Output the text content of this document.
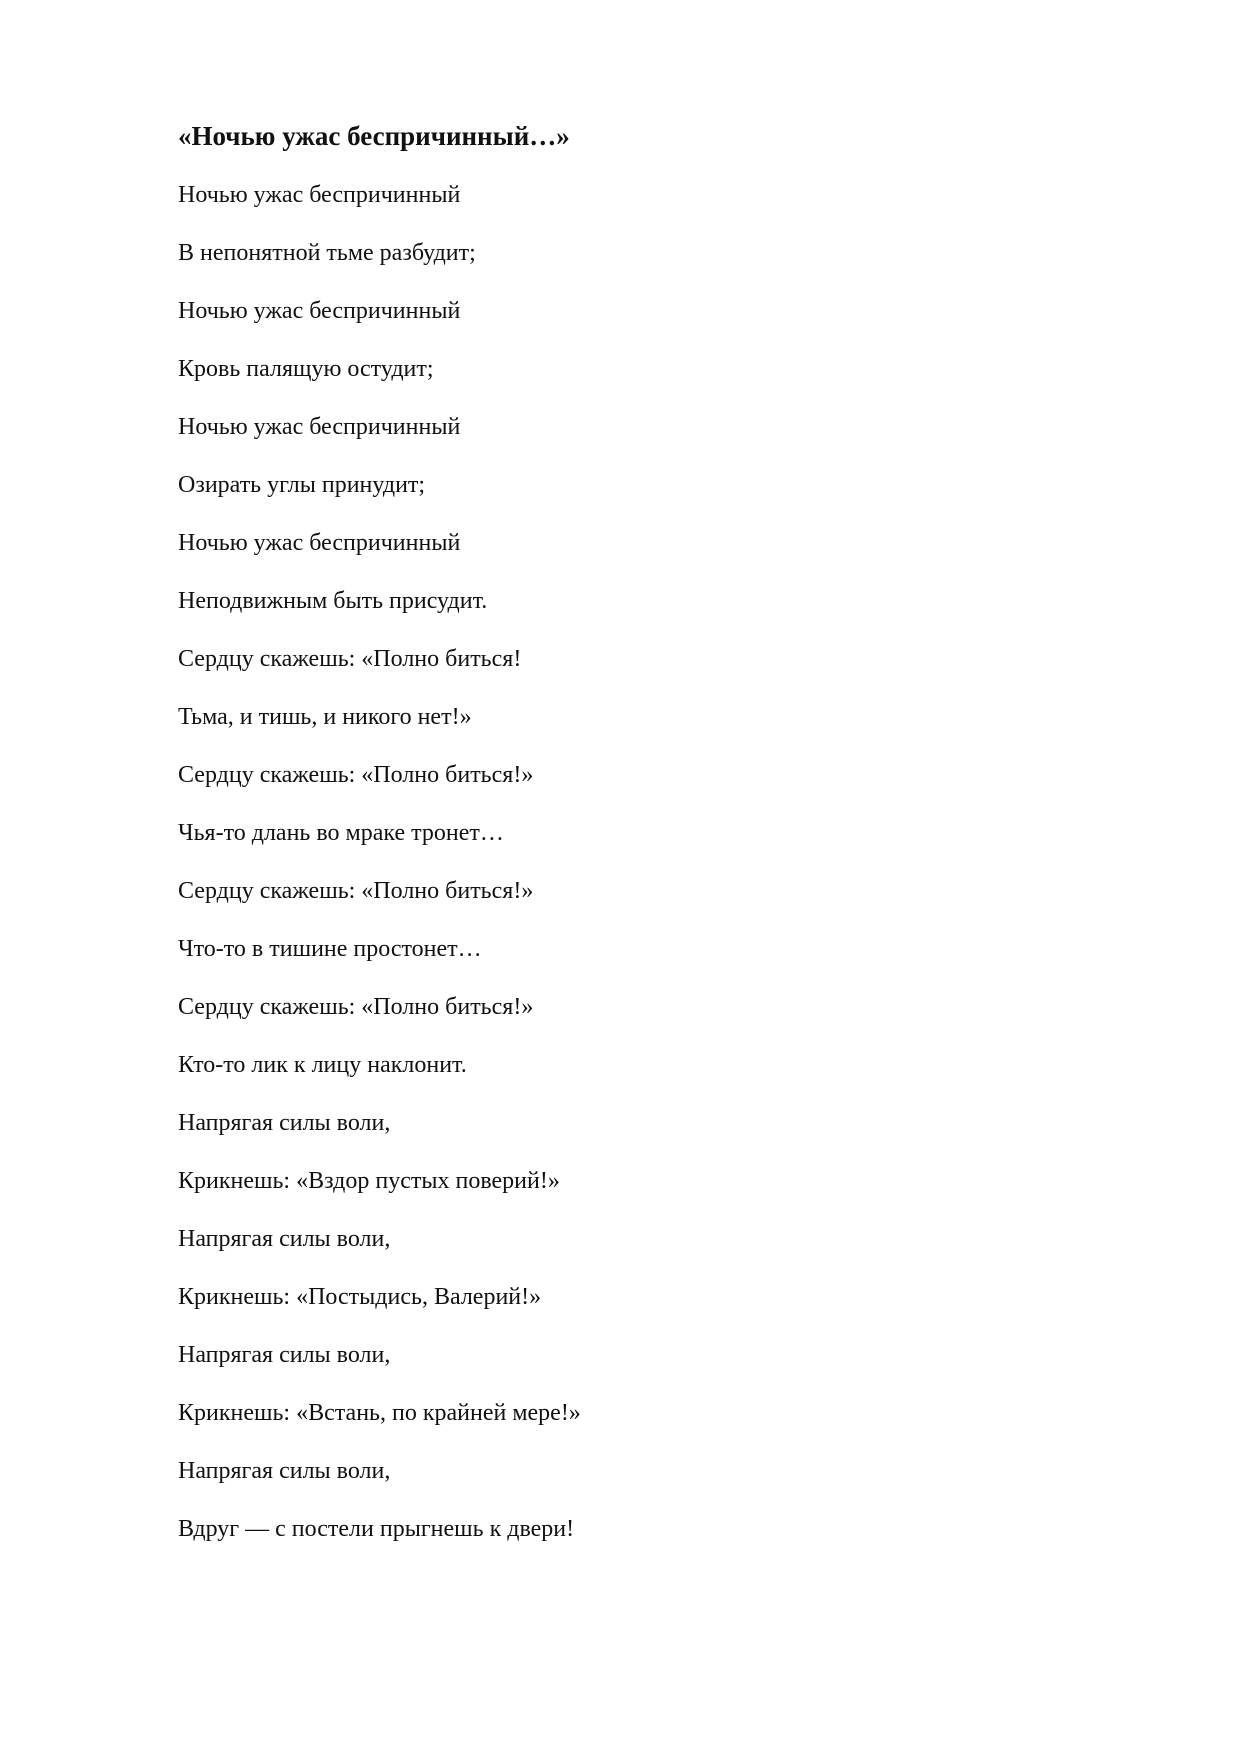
«Ночью ужас беспричинный…»
Ночью ужас беспричинный
В непонятной тьме разбудит;
Ночью ужас беспричинный
Кровь палящую остудит;
Ночью ужас беспричинный
Озирать углы принудит;
Ночью ужас беспричинный
Неподвижным быть присудит.
Сердцу скажешь: «Полно биться!
Тьма, и тишь, и никого нет!»
Сердцу скажешь: «Полно биться!»
Чья-то длань во мраке тронет…
Сердцу скажешь: «Полно биться!»
Что-то в тишине простонет…
Сердцу скажешь: «Полно биться!»
Кто-то лик к лицу наклонит.
Напрягая силы воли,
Крикнешь: «Вздор пустых поверий!»
Напрягая силы воли,
Крикнешь: «Постыдись, Валерий!»
Напрягая силы воли,
Крикнешь: «Встань, по крайней мере!»
Напрягая силы воли,
Вдруг — с постели прыгнешь к двери!
